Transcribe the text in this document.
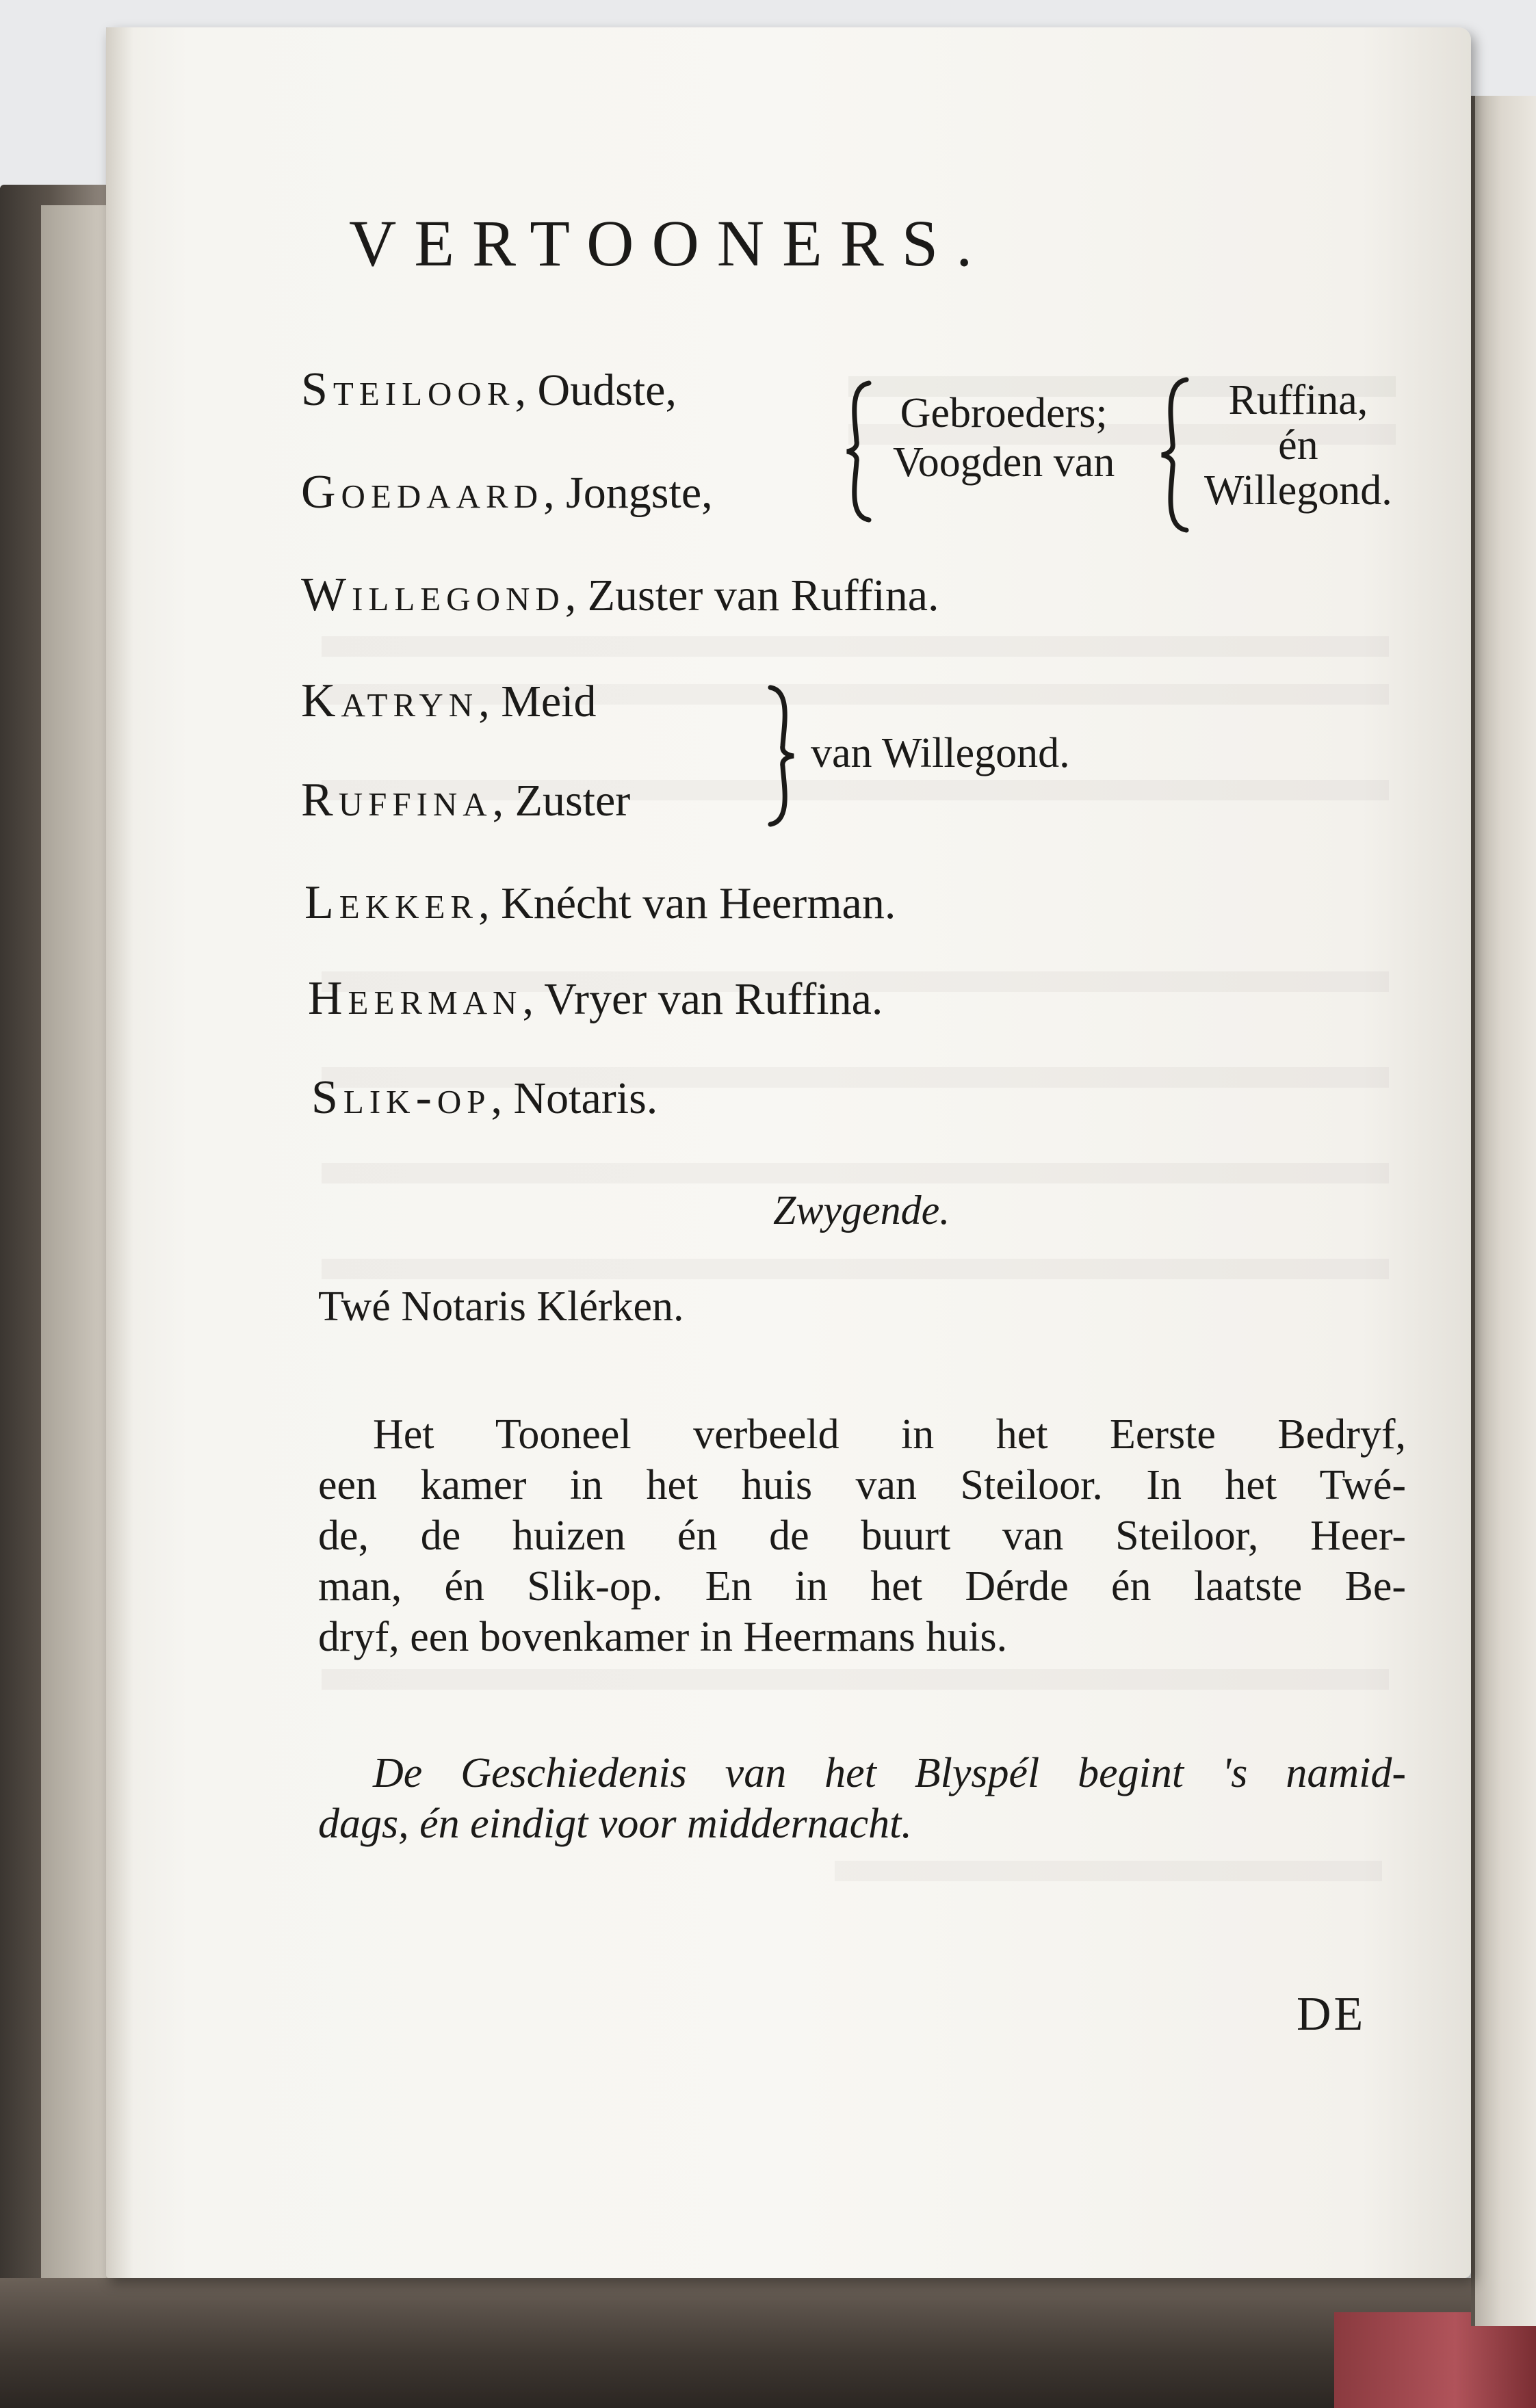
VERTOONERS.
Steiloor, Oudste,
Goedaard, Jongste,
Gebroeders;
Voogden van
Ruffina,
én
Willegond.
Willegond, Zuster van Ruffina.
Katryn, Meid
Ruffina, Zuster
van Willegond.
Lekker, Knécht van Heerman.
Heerman, Vryer van Ruffina.
Slik-op, Notaris.
Zwygende.
Twé Notaris Klérken.
Het Tooneel verbeeld in het Eerste Bedryf,
een kamer in het huis van Steiloor. In het Twé-
de, de huizen én de buurt van Steiloor, Heer-
man, én Slik-op. En in het Dérde én laatste Be-
dryf, een bovenkamer in Heermans huis.
De Geschiedenis van het Blyspél begint 's namid-
dags, én eindigt voor middernacht.
DE
